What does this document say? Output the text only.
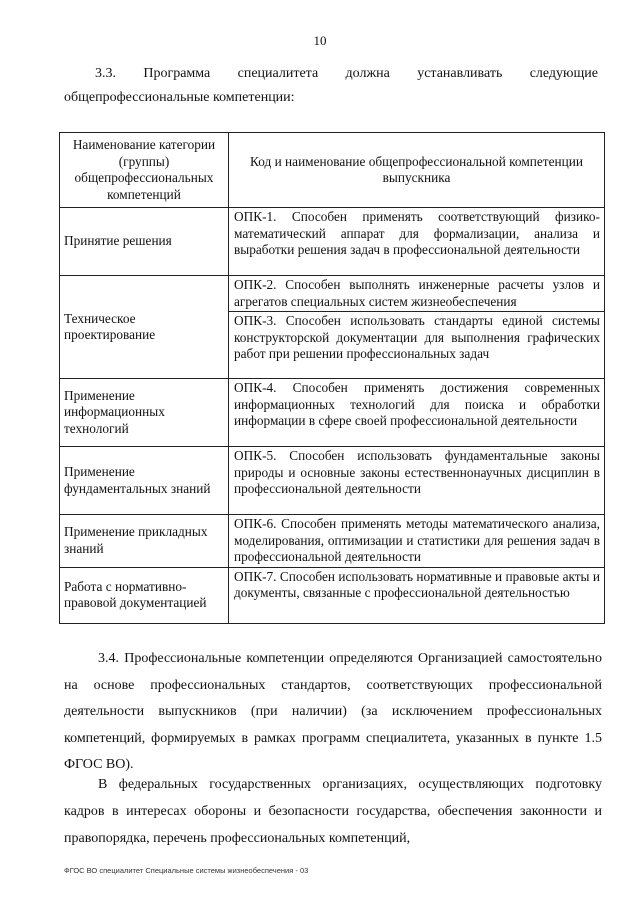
10
3.3. Программа специалитета должна устанавливать следующие
общепрофессиональные компетенции:
Наименование категории (группы) общепрофессиональных компетенций	Код и наименование общепрофессиональной компетенции выпускника
Принятие решения	ОПК-1. Способен применять соответствующий физико-математический аппарат для формализации, анализа и выработки решения задач в профессиональной деятельности
Техническое проектирование	ОПК-2. Способен выполнять инженерные расчеты узлов и агрегатов специальных систем жизнеобеспечения
	ОПК-3. Способен использовать стандарты единой системы конструкторской документации для выполнения графических работ при решении профессиональных задач
Применение информационных технологий	ОПК-4. Способен применять достижения современных информационных технологий для поиска и обработки информации в сфере своей профессиональной деятельности
Применение фундаментальных знаний	ОПК-5. Способен использовать фундаментальные законы природы и основные законы естественнонаучных дисциплин в профессиональной деятельности
Применение прикладных знаний	ОПК-6. Способен применять методы математического анализа, моделирования, оптимизации и статистики для решения задач в профессиональной деятельности
Работа с нормативно-правовой документацией	ОПК-7. Способен использовать нормативные и правовые акты и документы, связанные с профессиональной деятельностью
3.4. Профессиональные компетенции определяются Организацией самостоятельно на основе профессиональных стандартов, соответствующих профессиональной деятельности выпускников (при наличии) (за исключением профессиональных компетенций, формируемых в рамках программ специалитета, указанных в пункте 1.5 ФГОС ВО).
В федеральных государственных организациях, осуществляющих подготовку кадров в интересах обороны и безопасности государства, обеспечения законности и правопорядка, перечень профессиональных компетенций,
ФГОС ВО специалитет Специальные системы жизнеобеспечения - 03
